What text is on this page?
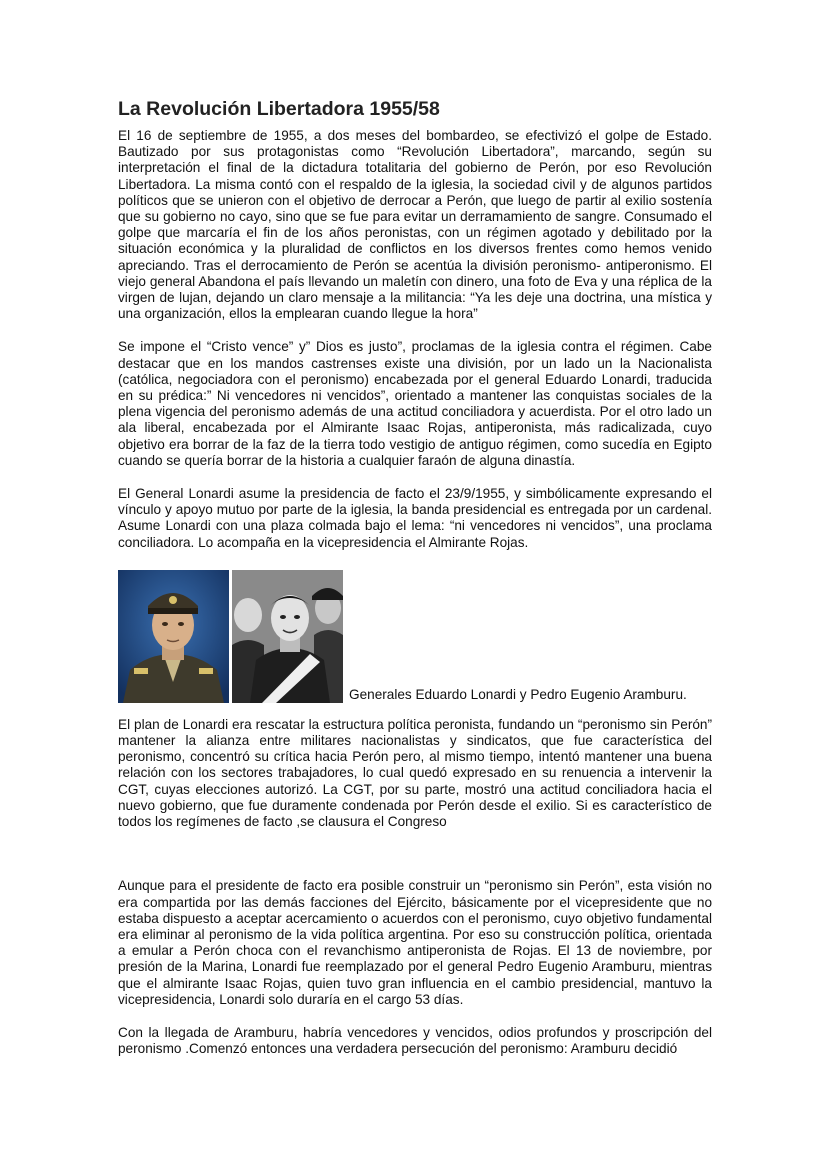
La Revolución Libertadora 1955/58

El 16 de septiembre de 1955, a dos meses del bombardeo, se efectivizó el golpe de Estado. Bautizado por sus protagonistas como “Revolución Libertadora”, marcando, según su interpretación el final de la dictadura totalitaria del gobierno de Perón, por eso Revolución Libertadora. La misma contó con el respaldo de la iglesia, la sociedad civil y de algunos partidos políticos que se unieron con el objetivo de derrocar a Perón, que luego de partir al exilio sostenía que su gobierno no cayo, sino que se fue para evitar un derramamiento de sangre. Consumado el golpe que marcaría el fin de los años peronistas, con un régimen agotado y debilitado por la situación económica y la pluralidad de conflictos en los diversos frentes como hemos venido apreciando. Tras el derrocamiento de Perón se acentúa la división peronismo- antiperonismo. El viejo general Abandona el país llevando un maletín con dinero, una foto de Eva y una réplica de la virgen de lujan, dejando un claro mensaje a la militancia: “Ya les deje una doctrina, una mística y una organización, ellos la emplearan cuando llegue la hora”

Se impone el “Cristo vence” y” Dios es justo”, proclamas de la iglesia contra el régimen. Cabe destacar que en los mandos castrenses existe una división, por un lado un la Nacionalista (católica, negociadora con el peronismo) encabezada por el general Eduardo Lonardi, traducida en su prédica:” Ni vencedores ni vencidos”, orientado a mantener las conquistas sociales de la plena vigencia del peronismo además de una actitud conciliadora y acuerdista. Por el otro lado un ala liberal, encabezada por el Almirante Isaac Rojas, antiperonista, más radicalizada, cuyo objetivo era borrar de la faz de la tierra todo vestigio de antiguo régimen, como sucedía en Egipto cuando se quería borrar de la historia a cualquier faraón de alguna dinastía.

El General Lonardi asume la presidencia de facto el 23/9/1955, y simbólicamente expresando el vínculo y apoyo mutuo por parte de la iglesia, la banda presidencial es entregada por un cardenal. Asume Lonardi con una plaza colmada bajo el lema: “ni vencedores ni vencidos”, una proclama conciliadora. Lo acompaña en la vicepresidencia el Almirante Rojas.

Generales Eduardo Lonardi y Pedro Eugenio Aramburu.

El plan de Lonardi era rescatar la estructura política peronista, fundando un “peronismo sin Perón” mantener la alianza entre militares nacionalistas y sindicatos, que fue característica del peronismo, concentró su crítica hacia Perón pero, al mismo tiempo, intentó mantener una buena relación con los sectores trabajadores, lo cual quedó expresado en su renuencia a intervenir la CGT, cuyas elecciones autorizó. La CGT, por su parte, mostró una actitud conciliadora hacia el nuevo gobierno, que fue duramente condenada por Perón desde el exilio. Si es característico de todos los regímenes de facto ,se clausura el Congreso

Aunque para el presidente de facto era posible construir un “peronismo sin Perón”, esta visión no era compartida por las demás facciones del Ejército, básicamente por el vicepresidente que no estaba dispuesto a aceptar acercamiento o acuerdos con el peronismo, cuyo objetivo fundamental era eliminar al peronismo de la vida política argentina. Por eso su construcción política, orientada a emular a Perón choca con el revanchismo antiperonista de Rojas. El 13 de noviembre, por presión de la Marina, Lonardi fue reemplazado por el general Pedro Eugenio Aramburu, mientras que el almirante Isaac Rojas, quien tuvo gran influencia en el cambio presidencial, mantuvo la vicepresidencia, Lonardi solo duraría en el cargo 53 días.

Con la llegada de Aramburu, habría vencedores y vencidos, odios profundos y proscripción del peronismo .Comenzó entonces una verdadera persecución del peronismo: Aramburu decidió
